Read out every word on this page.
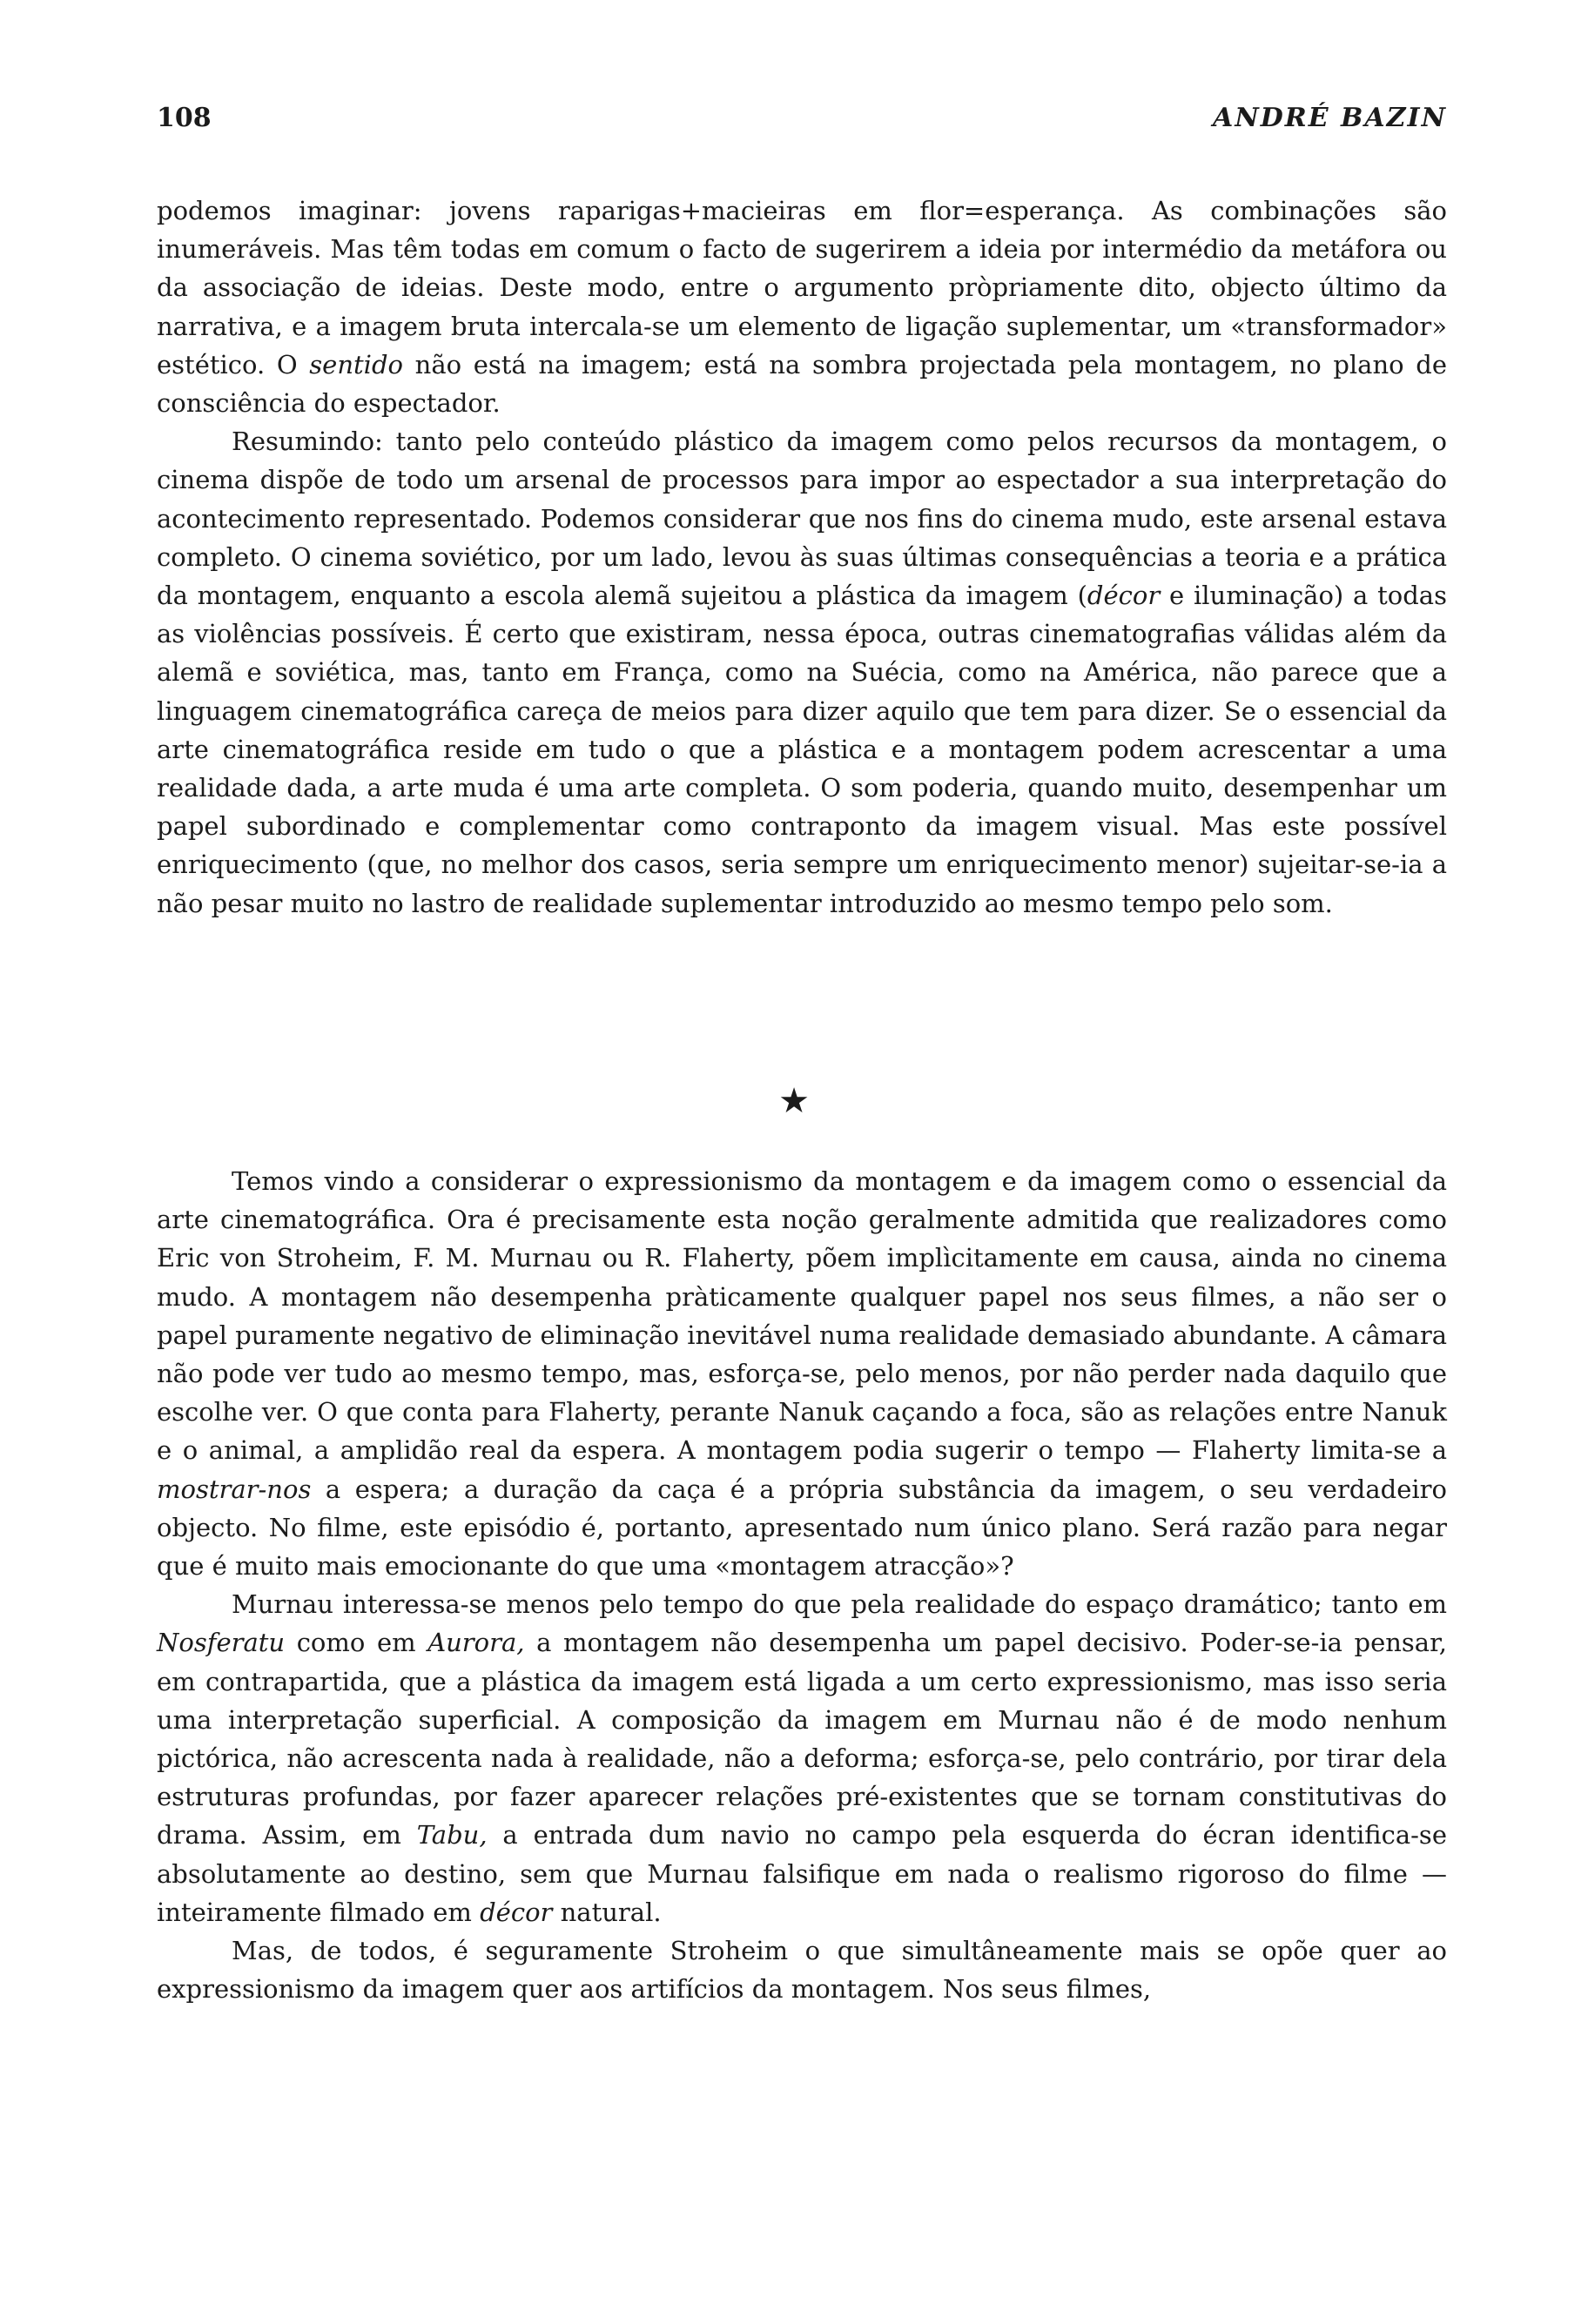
108	ANDRÉ BAZIN

podemos imaginar: jovens raparigas+macieiras em flor=esperança. As combinações são inumeráveis. Mas têm todas em comum o facto de sugerirem a ideia por intermédio da metáfora ou da associação de ideias. Deste modo, entre o argumento pròpriamente dito, objecto último da narrativa, e a imagem bruta intercala-se um elemento de ligação suplementar, um «transformador» estético. O sentido não está na imagem; está na sombra projectada pela montagem, no plano de consciência do espectador.

Resumindo: tanto pelo conteúdo plástico da imagem como pelos recursos da montagem, o cinema dispõe de todo um arsenal de processos para impor ao espectador a sua interpretação do acontecimento representado. Podemos considerar que nos fins do cinema mudo, este arsenal estava completo. O cinema soviético, por um lado, levou às suas últimas consequências a teoria e a prática da montagem, enquanto a escola alemã sujeitou a plástica da imagem (décor e iluminação) a todas as violências possíveis. É certo que existiram, nessa época, outras cinematografias válidas além da alemã e soviética, mas, tanto em França, como na Suécia, como na América, não parece que a linguagem cinematográfica careça de meios para dizer aquilo que tem para dizer. Se o essencial da arte cinematográfica reside em tudo o que a plástica e a montagem podem acrescentar a uma realidade dada, a arte muda é uma arte completa. O som poderia, quando muito, desempenhar um papel subordinado e complementar como contraponto da imagem visual. Mas este possível enriquecimento (que, no melhor dos casos, seria sempre um enriquecimento menor) sujeitar-se-ia a não pesar muito no lastro de realidade suplementar introduzido ao mesmo tempo pelo som.

★

Temos vindo a considerar o expressionismo da montagem e da imagem como o essencial da arte cinematográfica. Ora é precisamente esta noção geralmente admitida que realizadores como Eric von Stroheim, F. M. Murnau ou R. Flaherty, põem implìcitamente em causa, ainda no cinema mudo. A montagem não desempenha pràticamente qualquer papel nos seus filmes, a não ser o papel puramente negativo de eliminação inevitável numa realidade demasiado abundante. A câmara não pode ver tudo ao mesmo tempo, mas, esforça-se, pelo menos, por não perder nada daquilo que escolhe ver. O que conta para Flaherty, perante Nanuk caçando a foca, são as relações entre Nanuk e o animal, a amplidão real da espera. A montagem podia sugerir o tempo — Flaherty limita-se a mostrar-nos a espera; a duração da caça é a própria substância da imagem, o seu verdadeiro objecto. No filme, este episódio é, portanto, apresentado num único plano. Será razão para negar que é muito mais emocionante do que uma «montagem atracção»?

Murnau interessa-se menos pelo tempo do que pela realidade do espaço dramático; tanto em Nosferatu como em Aurora, a montagem não desempenha um papel decisivo. Poder-se-ia pensar, em contrapartida, que a plástica da imagem está ligada a um certo expressionismo, mas isso seria uma interpretação superficial. A composição da imagem em Murnau não é de modo nenhum pictórica, não acrescenta nada à realidade, não a deforma; esforça-se, pelo contrário, por tirar dela estruturas profundas, por fazer aparecer relações pré-existentes que se tornam constitutivas do drama. Assim, em Tabu, a entrada dum navio no campo pela esquerda do écran identifica-se absolutamente ao destino, sem que Murnau falsifique em nada o realismo rigoroso do filme — inteiramente filmado em décor natural.

Mas, de todos, é seguramente Stroheim o que simultâneamente mais se opõe quer ao expressionismo da imagem quer aos artifícios da montagem. Nos seus filmes,
